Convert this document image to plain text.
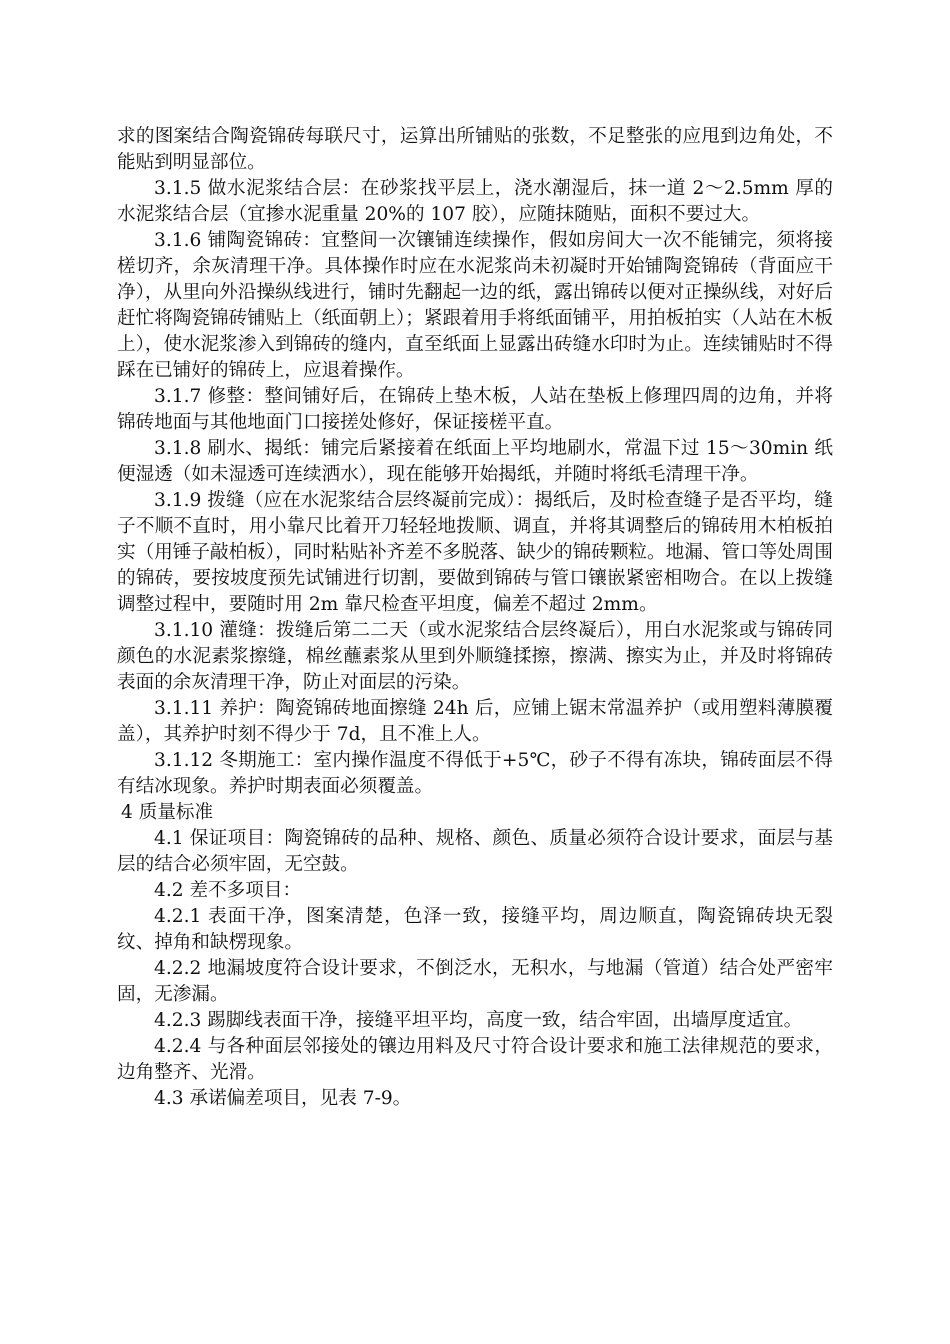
求的图案结合陶瓷锦砖每联尺寸，运算出所铺贴的张数，不足整张的应甩到边角处，不能贴到明显部位。

3.1.5 做水泥浆结合层：在砂浆找平层上，浇水潮湿后，抹一道 2～2.5mm 厚的水泥浆结合层（宜掺水泥重量 20%的 107 胶），应随抹随贴，面积不要过大。

3.1.6 铺陶瓷锦砖：宜整间一次镶铺连续操作，假如房间大一次不能铺完，须将接槎切齐，余灰清理干净。具体操作时应在水泥浆尚未初凝时开始铺陶瓷锦砖（背面应干净），从里向外沿操纵线进行，铺时先翻起一边的纸，露出锦砖以便对正操纵线，对好后赶忙将陶瓷锦砖铺贴上（纸面朝上）；紧跟着用手将纸面铺平，用拍板拍实（人站在木板上），使水泥浆渗入到锦砖的缝内，直至纸面上显露出砖缝水印时为止。连续铺贴时不得踩在已铺好的锦砖上，应退着操作。

3.1.7 修整：整间铺好后，在锦砖上垫木板，人站在垫板上修理四周的边角，并将锦砖地面与其他地面门口接搓处修好，保证接槎平直。

3.1.8 刷水、揭纸：铺完后紧接着在纸面上平均地刷水，常温下过 15～30min 纸便湿透（如未湿透可连续洒水），现在能够开始揭纸，并随时将纸毛清理干净。

3.1.9 拨缝（应在水泥浆结合层终凝前完成）：揭纸后，及时检查缝子是否平均，缝子不顺不直时，用小靠尺比着开刀轻轻地拨顺、调直，并将其调整后的锦砖用木柏板拍实（用锤子敲柏板），同时粘贴补齐差不多脱落、缺少的锦砖颗粒。地漏、管口等处周围的锦砖，要按坡度预先试铺进行切割，要做到锦砖与管口镶嵌紧密相吻合。在以上拨缝调整过程中，要随时用 2m 靠尺检查平坦度，偏差不超过 2mm。

3.1.10 灌缝：拨缝后第二二天（或水泥浆结合层终凝后），用白水泥浆或与锦砖同颜色的水泥素浆擦缝，棉丝蘸素浆从里到外顺缝揉擦，擦满、擦实为止，并及时将锦砖表面的余灰清理干净，防止对面层的污染。

3.1.11 养护：陶瓷锦砖地面擦缝 24h 后，应铺上锯末常温养护（或用塑料薄膜覆盖），其养护时刻不得少于 7d，且不准上人。

3.1.12 冬期施工：室内操作温度不得低于+5℃，砂子不得有冻块，锦砖面层不得有结冰现象。养护时期表面必须覆盖。

4 质量标准

4.1 保证项目：陶瓷锦砖的品种、规格、颜色、质量必须符合设计要求，面层与基层的结合必须牢固，无空鼓。

4.2 差不多项目：

4.2.1 表面干净，图案清楚，色泽一致，接缝平均，周边顺直，陶瓷锦砖块无裂纹、掉角和缺楞现象。

4.2.2 地漏坡度符合设计要求，不倒泛水，无积水，与地漏（管道）结合处严密牢固，无渗漏。

4.2.3 踢脚线表面干净，接缝平坦平均，高度一致，结合牢固，出墙厚度适宜。

4.2.4 与各种面层邻接处的镶边用料及尺寸符合设计要求和施工法律规范的要求，边角整齐、光滑。

4.3 承诺偏差项目，见表 7-9。
